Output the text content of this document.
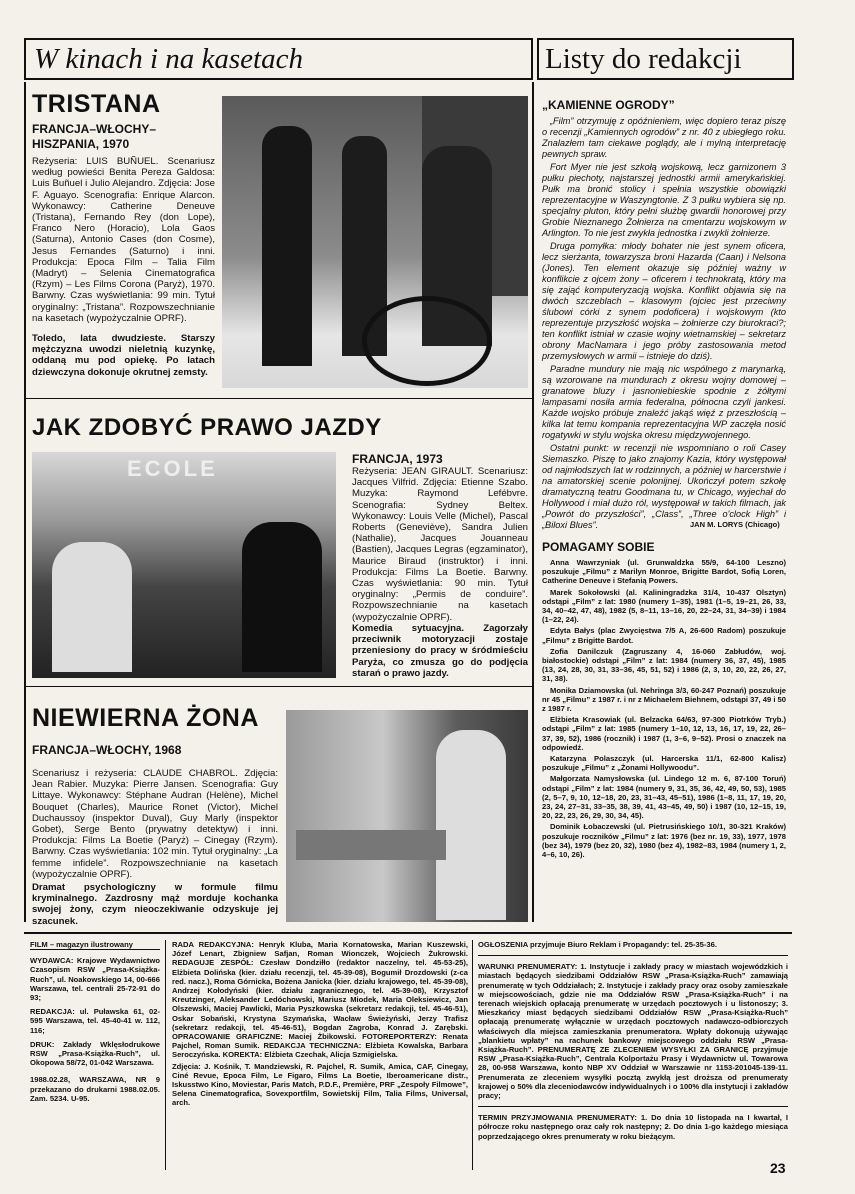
W kinach i na kasetach	Listy do redakcji
TRISTANA
FRANCJA–WŁOCHY–
HISZPANIA, 1970
Reżyseria: LUIS BUÑUEL. Scenariusz według powieści Benita Pereza Galdosa: Luis Buñuel i Julio Alejandro. Zdjęcia: Jose F. Aguayo. Scenografia: Enrique Alarcon. Wykonawcy: Catherine Deneuve (Tristana), Fernando Rey (don Lope), Franco Nero (Horacio), Lola Gaos (Saturna), Antonio Cases (don Cosme), Jesus Fernandes (Saturno) i inni. Produkcja: Epoca Film – Talia Film (Madryt) – Selenia Cinematografica (Rzym) – Les Films Corona (Paryż), 1970. Barwny. Czas wyświetlania: 99 min. Tytuł oryginalny: „Tristana”. Rozpowszechnianie na kasetach (wypożyczalnie OPRF).
Toledo, lata dwudzieste. Starszy mężczyzna uwodzi nieletnią kuzynkę, oddaną mu pod opiekę. Po latach dziewczyna dokonuje okrutnej zemsty.
JAK ZDOBYĆ PRAWO JAZDY
ECOLE	FRANCJA, 1973
Reżyseria: JEAN GIRAULT. Scenariusz: Jacques Vilfrid. Zdjęcia: Etienne Szabo. Muzyka: Raymond Lefébvre. Scenografia: Sydney Beltex. Wykonawcy: Louis Velle (Michel), Pascal Roberts (Geneviève), Sandra Julien (Nathalie), Jacques Jouanneau (Bastien), Jacques Legras (egzaminator), Maurice Biraud (instruktor) i inni. Produkcja: Films La Boetie. Barwny. Czas wyświetlania: 90 min. Tytuł oryginalny: „Permis de conduire”. Rozpowszechnianie na kasetach (wypożyczalnie OPRF).
Komedia sytuacyjna. Zagorzały przeciwnik motoryzacji zostaje przeniesiony do pracy w śródmieściu Paryża, co zmusza go do podjęcia starań o prawo jazdy.
NIEWIERNA ŻONA
FRANCJA–WŁOCHY, 1968
Scenariusz i reżyseria: CLAUDE CHABROL. Zdjęcia: Jean Rabier. Muzyka: Pierre Jansen. Scenografia: Guy Littaye. Wykonawcy: Stéphane Audran (Helène), Michel Bouquet (Charles), Maurice Ronet (Victor), Michel Duchaussoy (inspektor Duval), Guy Marly (inspektor Gobet), Serge Bento (prywatny detektyw) i inni. Produkcja: Films La Boetie (Paryż) – Cinegay (Rzym). Barwny. Czas wyświetlania: 102 min. Tytuł oryginalny: „La femme infidele”. Rozpowszechnianie na kasetach (wypożyczalnie OPRF).
Dramat psychologiczny w formule filmu kryminalnego. Zazdrosny mąż morduje kochanka swojej żony, czym nieoczekiwanie odzyskuje jej szacunek.
„KAMIENNE OGRODY”

„Film” otrzymuję z opóźnieniem, więc dopiero teraz piszę o recenzji „Kamiennych ogrodów” z nr. 40 z ubiegłego roku. Znalazłem tam ciekawe poglądy, ale i mylną interpretację pewnych spraw.

Fort Myer nie jest szkołą wojskową, lecz garnizonem 3 pułku piechoty, najstarszej jednostki armii amerykańskiej. Pułk ma bronić stolicy i spełnia wszystkie obowiązki reprezentacyjne w Waszyngtonie. Z 3 pułku wybiera się np. specjalny pluton, który pełni służbę gwardii honorowej przy Grobie Nieznanego Żołnierza na cmentarzu wojskowym w Arlington. To nie jest zwykła jednostka i zwykli żołnierze.

Druga pomyłka: młody bohater nie jest synem oficera, lecz sierżanta, towarzysza broni Hazarda (Caan) i Nelsona (Jones). Ten element okazuje się później ważny w konflikcie z ojcem żony – oficerem i technokratą, który ma się zająć komputeryzacją wojska. Konflikt objawia się na dwóch szczeblach – klasowym (ojciec jest przeciwny ślubowi córki z synem podoficera) i wojskowym (kto reprezentuje przyszłość wojska – żołnierze czy biurokraci?; ten konflikt istniał w czasie wojny wietnamskiej – sekretarz obrony MacNamara i jego próby zastosowania metod przemysłowych w armii – istnieje do dziś).

Paradne mundury nie mają nic wspólnego z marynarką, są wzorowane na mundurach z okresu wojny domowej – granatowe bluzy i jasnoniebieskie spodnie z żółtymi lampasami nosiła armia federalna, północna czyli jankesi. Każde wojsko próbuje znaleźć jakąś więź z przeszłością – kilka lat temu kompania reprezentacyjna WP zaczęła nosić rogatywki w stylu wojska okresu międzywojennego.

Ostatni punkt: w recenzji nie wspomniano o roli Casey Siemaszko. Piszę to jako znajomy Kazia, który występował od najmłodszych lat w rodzinnych, a później w harcerstwie i na amatorskiej scenie polonijnej. Ukończył potem szkołę dramatyczną teatru Goodmana tu, w Chicago, wyjechał do Hollywood i miał dużo ról, występował w takich filmach, jak „Powrót do przyszłości”, „Class”, „Three o'clock High” i „Biloxi Blues”.	JAN M. LORYS (Chicago)
POMAGAMY SOBIE

Anna Wawrzyniak (ul. Grunwaldzka 55/9, 64-100 Leszno) poszukuje „Filmu” z Marilyn Monroe, Brigitte Bardot, Sofią Loren, Catherine Deneuve i Stefanią Powers.

Marek Sokołowski (al. Kaliningradzka 31/4, 10-437 Olsztyn) odstąpi „Film” z lat: 1980 (numery 1–35), 1981 (1–5, 19–21, 26, 33, 34, 40–42, 47, 48), 1982 (5, 8–11, 13–16, 20, 22–24, 31, 34–39) i 1984 (1–22, 24).

Edyta Bałys (plac Zwycięstwa 7/5 A, 26-600 Radom) poszukuje „Filmu” z Brigitte Bardot.

Zofia Danilczuk (Zagruszany 4, 16-060 Zabłudów, woj. białostockie) odstąpi „Film” z lat: 1984 (numery 36, 37, 45), 1985 (13, 24, 28, 30, 31, 33–36, 45, 51, 52) i 1986 (2, 3, 10, 20, 22, 26, 27, 31, 38).

Monika Dziamowska (ul. Nehringa 3/3, 60-247 Poznań) poszukuje nr 45 „Filmu” z 1987 r. i nr z Michaelem Biehnem, odstąpi 37, 49 i 50 z 1987 r.

Elżbieta Krasowiak (ul. Belzacka 64/63, 97-300 Piotrków Tryb.) odstąpi „Film” z lat: 1985 (numery 1–10, 12, 13, 16, 17, 19, 22, 26–37, 39, 52), 1986 (rocznik) i 1987 (1, 3–6, 9–52). Prosi o znaczek na odpowiedź.

Katarzyna Polaszczyk (ul. Harcerska 11/1, 62-800 Kalisz) poszukuje „Filmu” z „Żonami Hollywoodu”.

Małgorzata Namysłowska (ul. Lindego 12 m. 6, 87-100 Toruń) odstąpi „Film” z lat: 1984 (numery 9, 31, 35, 36, 42, 49, 50, 53), 1985 (2, 5–7, 9, 10, 12–18, 20, 23, 31–43, 45–51), 1986 (1–8, 11, 17, 19, 20, 23, 24, 27–31, 33–35, 38, 39, 41, 43–45, 49, 50) i 1987 (10, 12–15, 19, 20, 22, 23, 26, 29, 30, 34, 45).

Dominik Łobaczewski (ul. Pietrusińskiego 10/1, 30-321 Kraków) poszukuje roczników „Filmu” z lat: 1976 (bez nr. 19, 33), 1977, 1978 (bez 34), 1979 (bez 20, 32), 1980 (bez 4), 1982–83, 1984 (numery 1, 2, 4–6, 10, 26).

FILM – magazyn ilustrowany

WYDAWCA: Krajowe Wydawnictwo Czasopism RSW „Prasa-Książka-Ruch”, ul. Noakowskiego 14, 00-666 Warszawa, tel. centrali 25-72-91 do 93;

REDAKCJA: ul. Puławska 61, 02-595 Warszawa, tel. 45-40-41 w. 112, 116;

DRUK: Zakłady Wklęsłodrukowe RSW „Prasa-Książka-Ruch”, ul. Okopowa 58/72, 01-042 Warszawa.

1988.02.28, WARSZAWA, NR 9 przekazano do drukarni 1988.02.05. Zam. 5234. U-95.

RADA REDAKCYJNA: Henryk Kluba, Maria Kornatowska, Marian Kuszewski, Józef Lenart, Zbigniew Safjan, Roman Wionczek, Wojciech Żukrowski. REDAGUJE ZESPÓŁ: Czesław Dondziłło (redaktor naczelny, tel. 45-53-25), Elżbieta Dolińska (kier. działu recenzji, tel. 45-39-08), Bogumił Drozdowski (z-ca red. nacz.), Roma Górnicka, Bożena Janicka (kier. działu krajowego, tel. 45-39-08), Andrzej Kołodyński (kier. działu zagranicznego, tel. 45-39-08), Krzysztof Kreutzinger, Aleksander Ledóchowski, Mariusz Miodek, Maria Oleksiewicz, Jan Olszewski, Maciej Pawlicki, Maria Pyszkowska (sekretarz redakcji, tel. 45-46-51), Oskar Sobański, Krystyna Szymańska, Wacław Świeżyński, Jerzy Trafisz (sekretarz redakcji, tel. 45-46-51), Bogdan Zagroba, Konrad J. Zarębski. OPRACOWANIE GRAFICZNE: Maciej Żbikowski. FOTOREPORTERZY: Renata Pajchel, Roman Sumik. REDAKCJA TECHNICZNA: Elżbieta Kowalska, Barbara Seroczyńska. KOREKTA: Elżbieta Czechak, Alicja Szmigielska.

Zdjęcia: J. Kośnik, T. Mandziewski, R. Pajchel, R. Sumik, Amica, CAF, Cinegay, Ciné Revue, Epoca Film, Le Figaro, Films La Boetie, Iberoamericane distr., Iskusstwo Kino, Moviestar, Paris Match, P.D.F., Première, PRF „Zespoły Filmowe”, Selena Cinematografica, Sovexportfilm, Sowietskij Film, Talia Films, Universal, arch.

OGŁOSZENIA przyjmuje Biuro Reklam i Propagandy: tel. 25-35-36.

WARUNKI PRENUMERATY: 1. Instytucje i zakłady pracy w miastach wojewódzkich i miastach będących siedzibami Oddziałów RSW „Prasa-Książka-Ruch” zamawiają prenumeratę w tych Oddziałach; 2. Instytucje i zakłady pracy oraz osoby zamieszkałe w miejscowościach, gdzie nie ma Oddziałów RSW „Prasa-Książka-Ruch” i na terenach wiejskich opłacają prenumeratę w urzędach pocztowych i u listonoszy; 3. Mieszkańcy miast będących siedzibami Oddziałów RSW „Prasa-Książka-Ruch” opłacają prenumeratę wyłącznie w urzędach pocztowych nadawczo-odbiorczych właściwych dla miejsca zamieszkania prenumeratora. Wpłaty dokonują używając „blankietu wpłaty” na rachunek bankowy miejscowego oddziału RSW „Prasa-Książka-Ruch”. PRENUMERATĘ ZE ZLECENIEM WYSYŁKI ZA GRANICĘ przyjmuje RSW „Prasa-Książka-Ruch”, Centrala Kolportażu Prasy i Wydawnictw ul. Towarowa 28, 00-958 Warszawa, konto NBP XV Oddział w Warszawie nr 1153-201045-139-11. Prenumerata ze zleceniem wysyłki pocztą zwykłą jest droższa od prenumeraty krajowej o 50% dla zleceniodawców indywidualnych i o 100% dla instytucji i zakładów pracy;

TERMIN PRZYJMOWANIA PRENUMERATY: 1. Do dnia 10 listopada na I kwartał, I półrocze roku następnego oraz cały rok następny; 2. Do dnia 1-go każdego miesiąca poprzedzającego okres prenumeraty w roku bieżącym.

23
